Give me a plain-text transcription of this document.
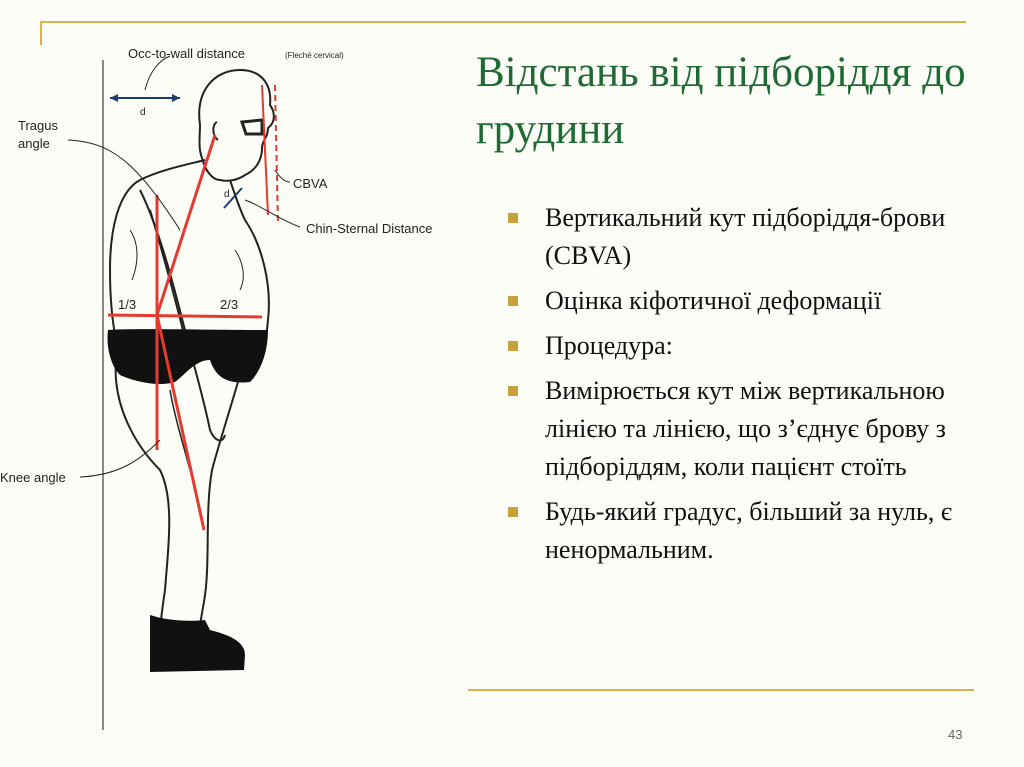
Відстань від підборіддя до грудини
Вертикальний кут підборіддя-брови (CBVA)
Оцінка кіфотичної деформації
Процедура:
Вимірюється кут між вертикальною лінією та лінією, що з’єднує брову з підборіддям, коли пацієнт стоїть
Будь-який градус, більший за нуль, є ненормальним.
43
Occ-to-wall distance	(Fleché cervical)
d
d
Tragus
angle
CBVA
Chin-Sternal Distance
1/3	2/3
Knee angle
